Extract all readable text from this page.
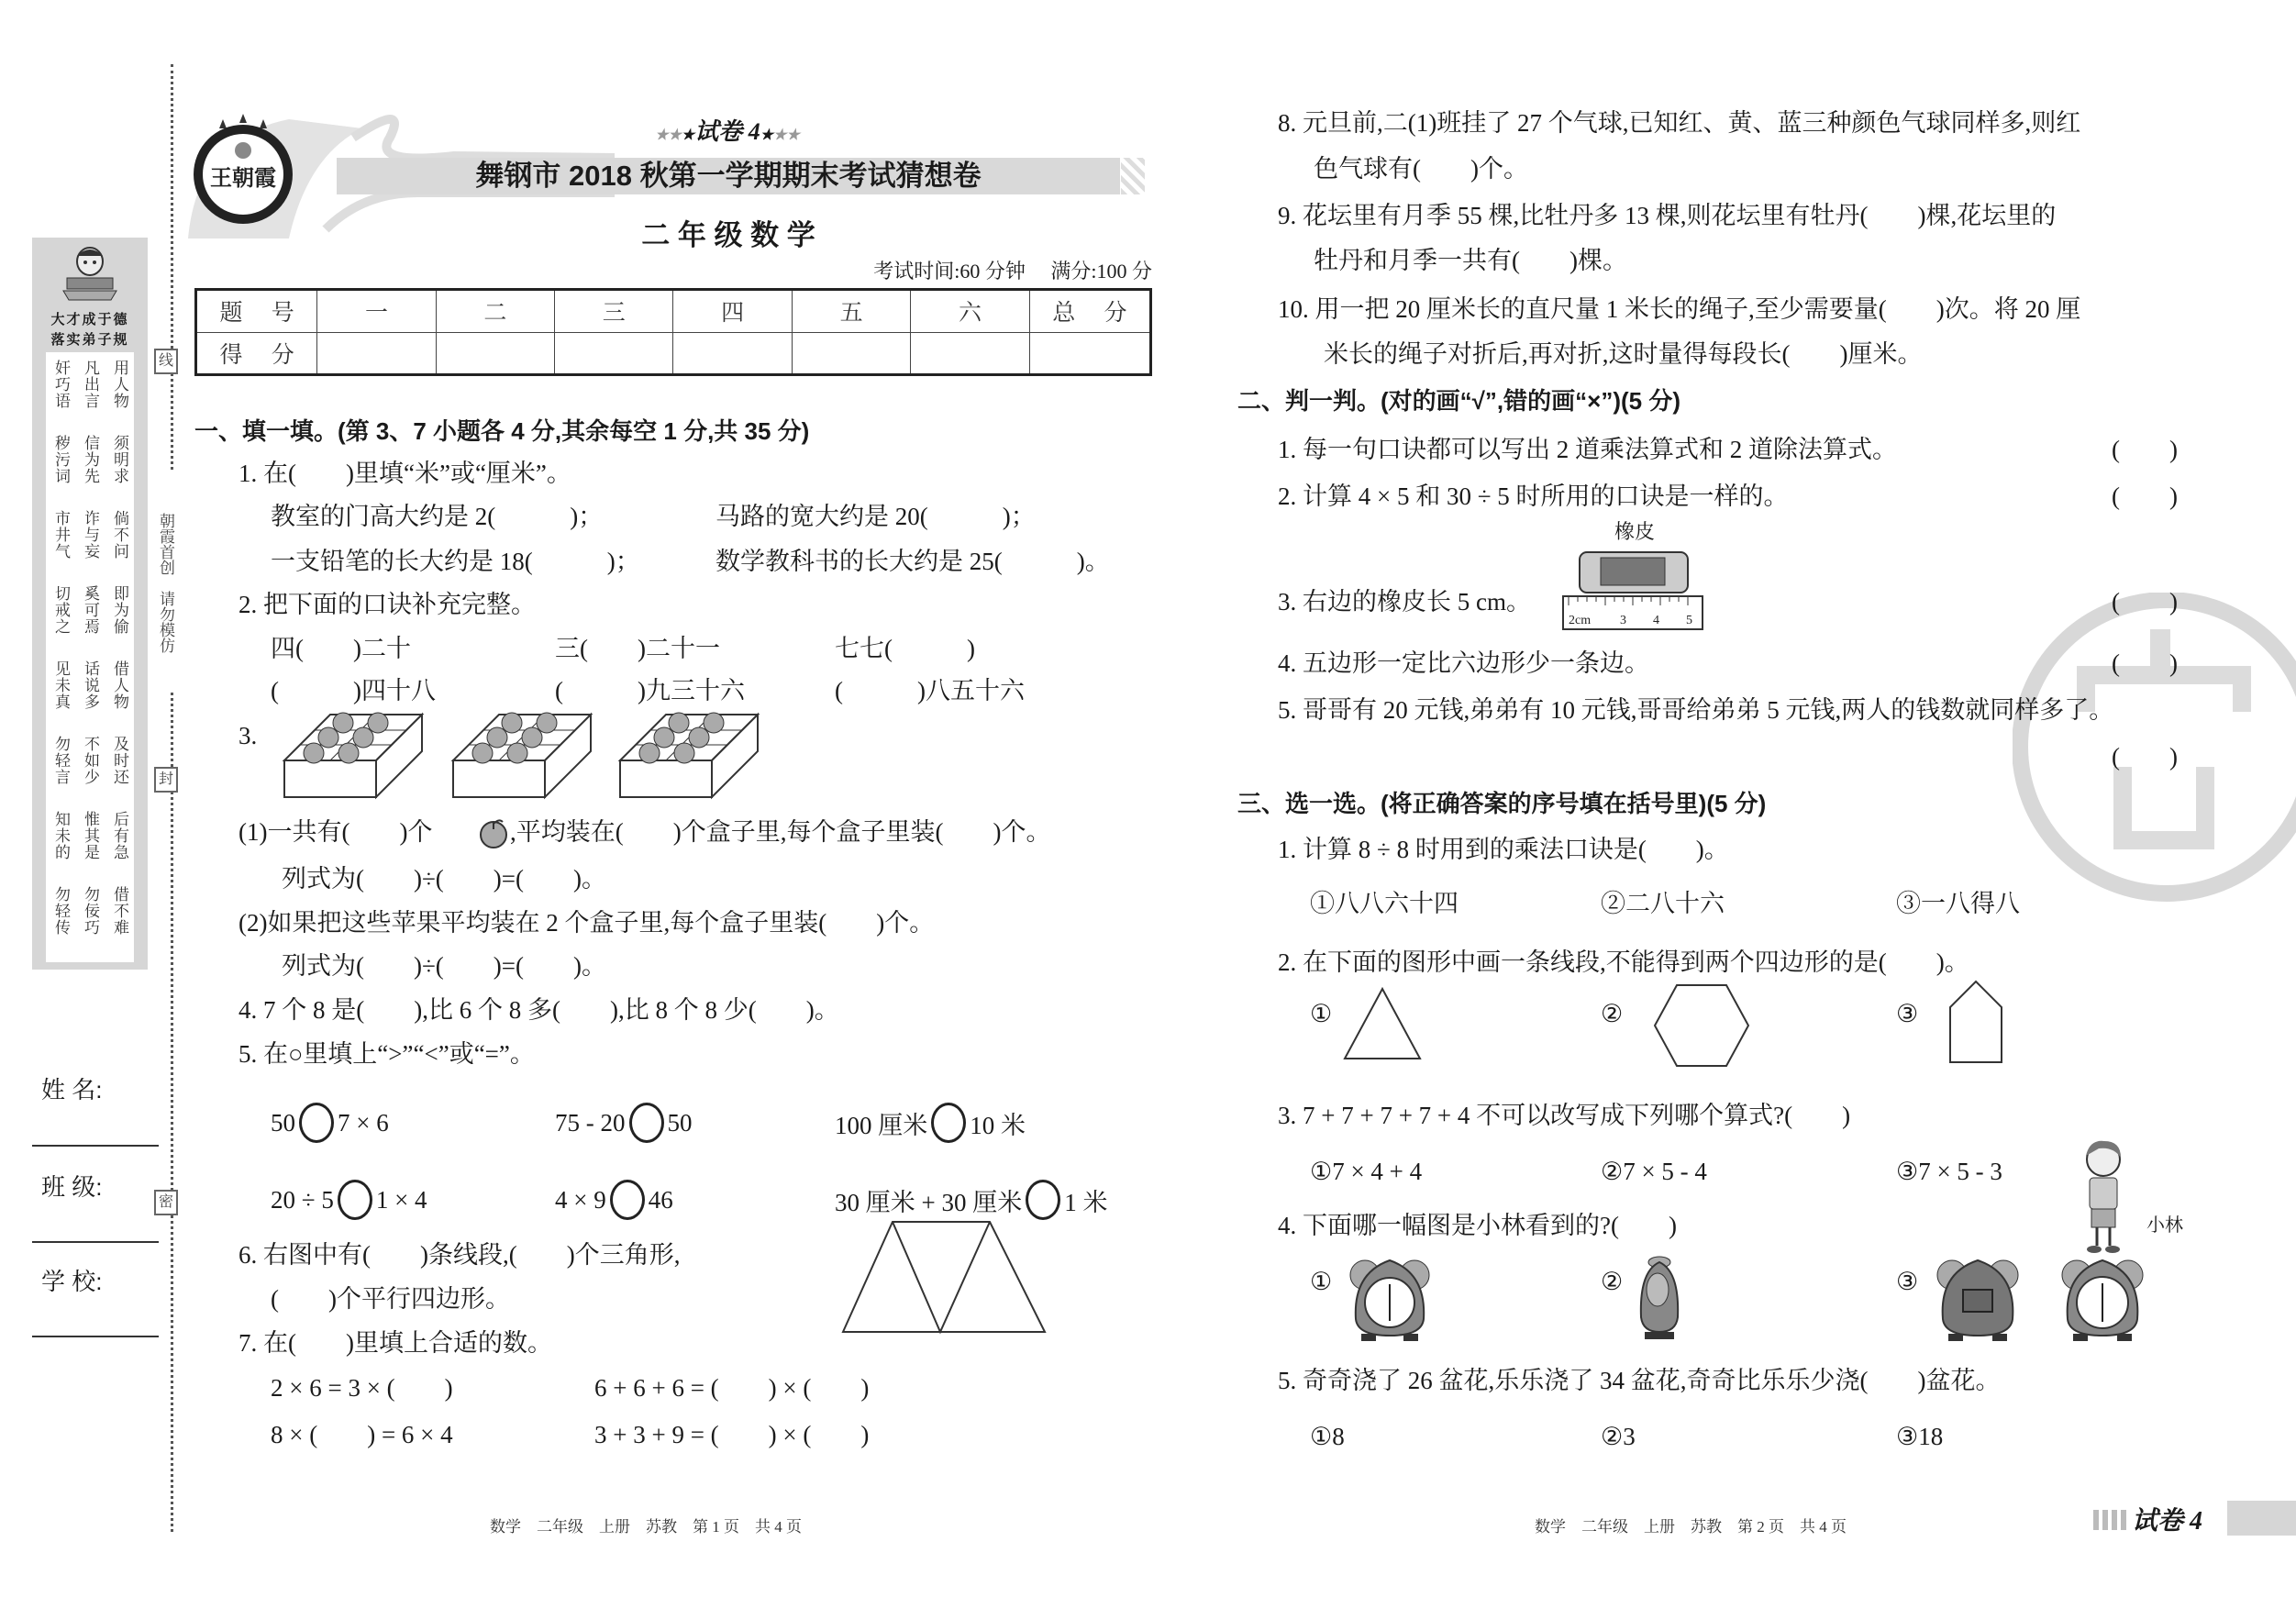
线
封
密
朝霞首创　请勿模仿
大才成于德
落实弟子规
奸巧语 凡出言 用人物
秽污词 信为先 须明求
市井气 诈与妄 倘不问
切戒之 奚可焉 即为偷
见未真 话说多 借人物
勿轻言 不如少 及时还
知未的 惟其是 后有急
勿轻传 勿佞巧 借不难
姓 名:
班 级:
学 校:
王朝霞
★★★试卷 4★★★
舞钢市 2018 秋第一学期期末考试猜想卷
二 年 级 数 学
考试时间:60 分钟　 满分:100 分
题　 号	一	二	三	四	五	六	总　 分
得　 分							
一、填一填。(第 3、7 小题各 4 分,其余每空 1 分,共 35 分)
1. 在(　　)里填“米”或“厘米”。
教室的门高大约是 2(　　　)；	马路的宽大约是 20(　　　)；
一支铅笔的长大约是 18(　　　)；	数学教科书的长大约是 25(　　　)。
2. 把下面的口诀补充完整。
四(　　)二十	三(　　)二十一	七七(　　　)
(　　　)四十八	(　　　)九三十六	(　　　)八五十六
3.
(1)一共有(　　)个	,平均装在(　　)个盒子里,每个盒子里装(　　)个。
列式为(　　)÷(　　)=(　　)。
(2)如果把这些苹果平均装在 2 个盒子里,每个盒子里装(　　)个。
列式为(　　)÷(　　)=(　　)。
4. 7 个 8 是(　　),比 6 个 8 多(　　),比 8 个 8 少(　　)。
5. 在○里填上“>”“<”或“=”。
50 7 × 6	75 - 20 50	100 厘米 10 米
20 ÷ 5 1 × 4	4 × 9 46	30 厘米 + 30 厘米 1 米
6. 右图中有(　　)条线段,(　　)个三角形,
(　　)个平行四边形。
7. 在(　　)里填上合适的数。
2 × 6 = 3 × (　　)	6 + 6 + 6 = (　　) × (　　)
8 × (　　) = 6 × 4	3 + 3 + 9 = (　　) × (　　)
数学　二年级　上册　苏教　第 1 页　共 4 页
8. 元旦前,二(1)班挂了 27 个气球,已知红、黄、蓝三种颜色气球同样多,则红
色气球有(　　)个。
9. 花坛里有月季 55 棵,比牡丹多 13 棵,则花坛里有牡丹(　　)棵,花坛里的
牡丹和月季一共有(　　)棵。
10. 用一把 20 厘米长的直尺量 1 米长的绳子,至少需要量(　　)次。将 20 厘
米长的绳子对折后,再对折,这时量得每段长(　　)厘米。
二、判一判。(对的画“√”,错的画“×”)(5 分)
1. 每一句口诀都可以写出 2 道乘法算式和 2 道除法算式。	(　　)
2. 计算 4 × 5 和 30 ÷ 5 时所用的口诀是一样的。	(　　)
橡皮
2cm 3 4 5
3. 右边的橡皮长 5 cm。	(　　)
4. 五边形一定比六边形少一条边。	(　　)
5. 哥哥有 20 元钱,弟弟有 10 元钱,哥哥给弟弟 5 元钱,两人的钱数就同样多了。
(　　)
三、选一选。(将正确答案的序号填在括号里)(5 分)
1. 计算 8 ÷ 8 时用到的乘法口诀是(　　)。
①八八六十四	②二八十六	③一八得八
2. 在下面的图形中画一条线段,不能得到两个四边形的是(　　)。
①	②	③
3. 7 + 7 + 7 + 7 + 4 不可以改写成下列哪个算式?(　　)
①7 × 4 + 4	②7 × 5 - 4	③7 × 5 - 3
小林
4. 下面哪一幅图是小林看到的?(　　)
①	②	③
5. 奇奇浇了 26 盆花,乐乐浇了 34 盆花,奇奇比乐乐少浇(　　)盆花。
①8	②3	③18
数学　二年级　上册　苏教　第 2 页　共 4 页	试卷 4
